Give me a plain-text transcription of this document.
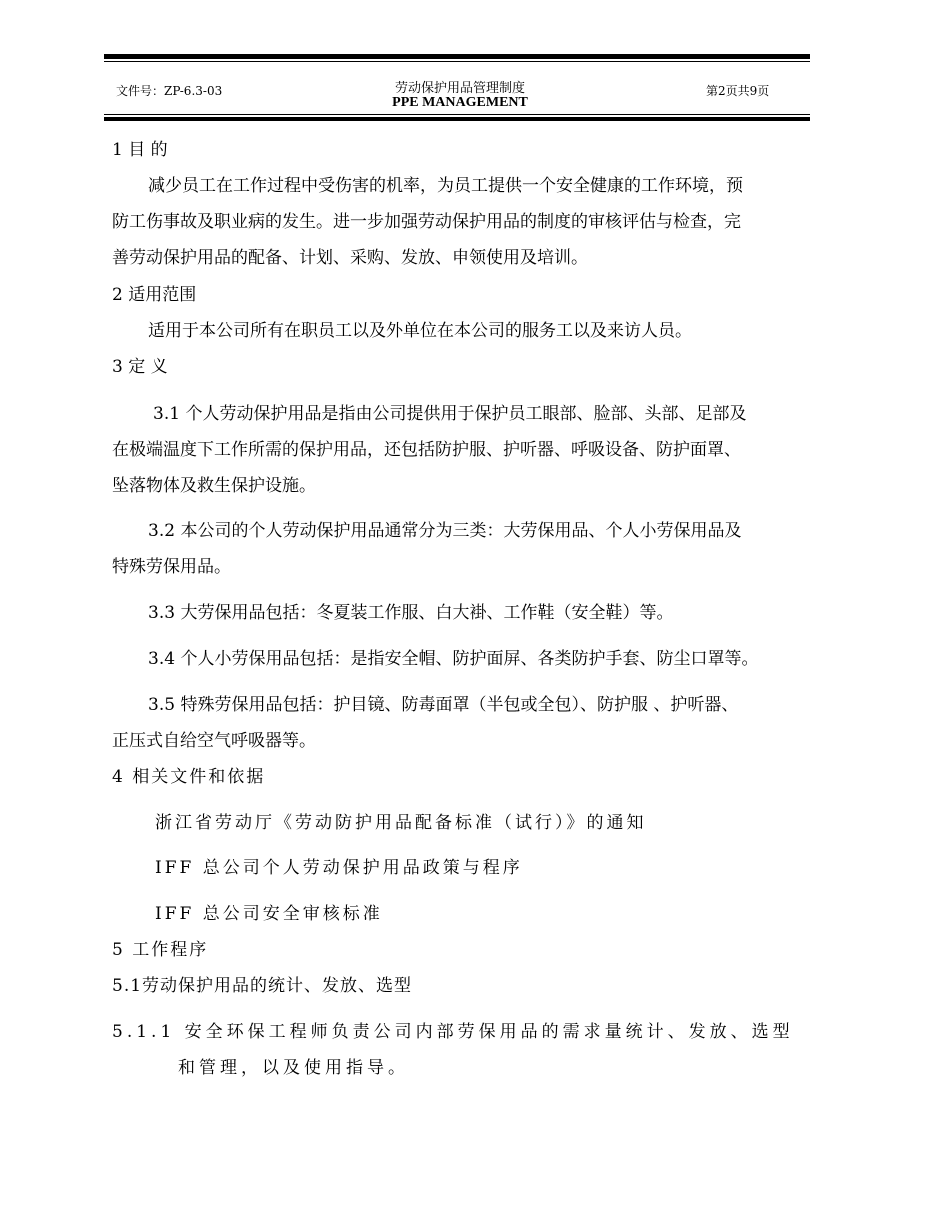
文件号：ZP-6.3-03	劳动保护用品管理制度
PPE MANAGEMENT
第2页共9页
1 目 的
减少员工在工作过程中受伤害的机率，为员工提供一个安全健康的工作环境，预
防工伤事故及职业病的发生。进一步加强劳动保护用品的制度的审核评估与检查，完
善劳动保护用品的配备、计划、采购、发放、申领使用及培训。
2 适用范围
适用于本公司所有在职员工以及外单位在本公司的服务工以及来访人员。
3 定 义
3.1 个人劳动保护用品是指由公司提供用于保护员工眼部、脸部、头部、足部及
在极端温度下工作所需的保护用品，还包括防护服、护听器、呼吸设备、防护面罩、
坠落物体及救生保护设施。
3.2 本公司的个人劳动保护用品通常分为三类：大劳保用品、个人小劳保用品及
特殊劳保用品。
3.3 大劳保用品包括：冬夏装工作服、白大褂、工作鞋（安全鞋）等。
3.4 个人小劳保用品包括：是指安全帽、防护面屏、各类防护手套、防尘口罩等。
3.5 特殊劳保用品包括：护目镜、防毒面罩（半包或全包）、防护服 、护听器、
正压式自给空气呼吸器等。
4 相关文件和依据
浙江省劳动厅《劳动防护用品配备标准（试行）》的通知
IFF 总公司个人劳动保护用品政策与程序
IFF 总公司安全审核标准
5 工作程序
5.1劳动保护用品的统计、发放、选型
5.1.1 安全环保工程师负责公司内部劳保用品的需求量统计、发放、选型
和管理，以及使用指导。
